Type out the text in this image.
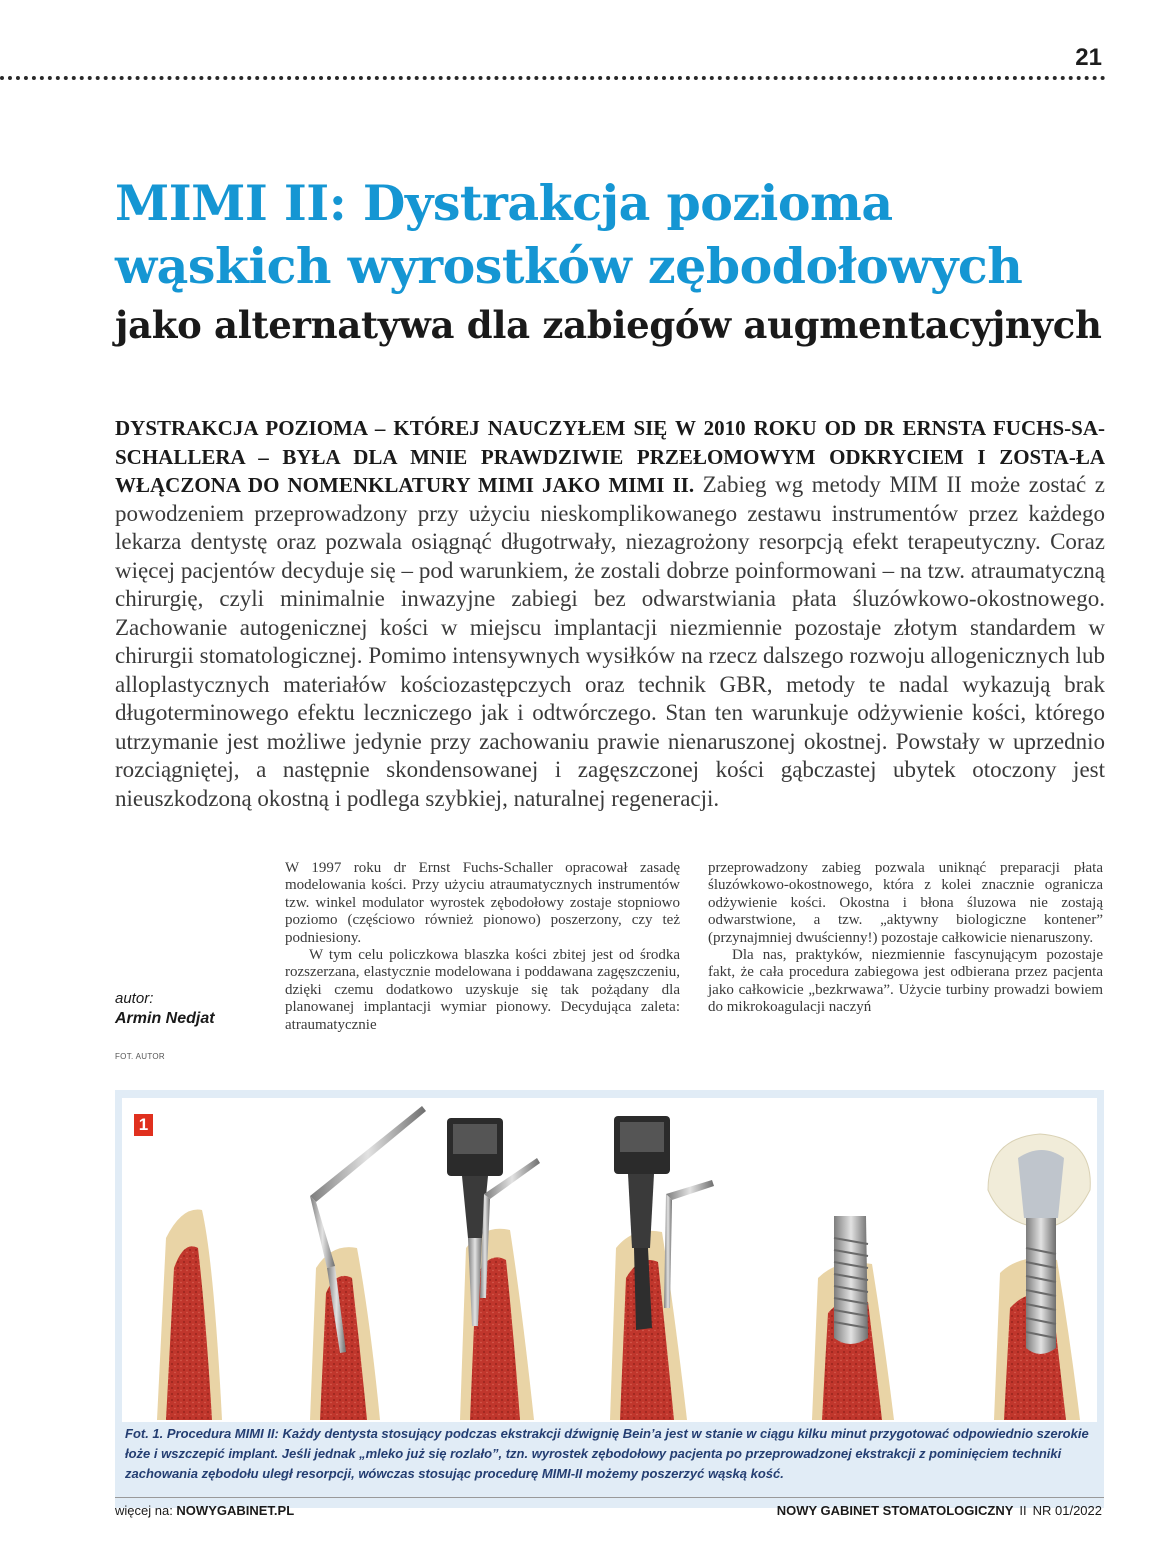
21
MIMI II: Dystrakcja pozioma wąskich wyrostków zębodołowych
jako alternatywa dla zabiegów augmentacyjnych

DYSTRAKCJA POZIOMA – KTÓREJ NAUCZYŁEM SIĘ W 2010 ROKU OD DR ERNSTA FUCHS-SA-SCHALLERA – BYŁA DLA MNIE PRAWDZIWIE PRZEŁOMOWYM ODKRYCIEM I ZOSTA-ŁA WŁĄCZONA DO NOMENKLATURY MIMI JAKO MIMI II. Zabieg wg metody MIM II może zostać z powodzeniem przeprowadzony przy użyciu nieskomplikowanego zestawu instrumentów przez każdego lekarza dentystę oraz pozwala osiągnąć długotrwały, niezagrożony resorpcją efekt terapeutyczny. Coraz więcej pacjentów decyduje się – pod warunkiem, że zostali dobrze poinformowani – na tzw. atraumatyczną chirurgię, czyli minimalnie inwazyjne zabiegi bez odwarstwiania płata śluzówkowo-okostnowego. Zachowanie autogenicznej kości w miejscu implantacji niezmiennie pozostaje złotym standardem w chirurgii stomatologicznej. Pomimo intensywnych wysiłków na rzecz dalszego rozwoju allogenicznych lub alloplastycznych materiałów kościozastępczych oraz technik GBR, metody te nadal wykazują brak długoterminowego efektu leczniczego jak i odtwórczego. Stan ten warunkuje odżywienie kości, którego utrzymanie jest możliwe jedynie przy zachowaniu prawie nienaruszonej okostnej. Powstały w uprzednio rozciągniętej, a następnie skondensowanej i zagęszczonej kości gąbczastej ubytek otoczony jest nieuszkodzoną okostną i podlega szybkiej, naturalnej regeneracji.

autor:
Armin Nedjat
FOT. AUTOR

W 1997 roku dr Ernst Fuchs-Schaller opracował zasadę modelowania kości. Przy użyciu atraumatycznych instrumentów tzw. winkel modulator wyrostek zębodołowy zostaje stopniowo poziomo (częściowo również pionowo) poszerzony, czy też podniesiony.

W tym celu policzkowa blaszka kości zbitej jest od środka rozszerzana, elastycznie modelowana i poddawana zagęszczeniu, dzięki czemu dodatkowo uzyskuje się tak pożądany dla planowanej implantacji wymiar pionowy. Decydująca zaleta: atraumatycznie

przeprowadzony zabieg pozwala uniknąć preparacji płata śluzówkowo-okostnowego, która z kolei znacznie ogranicza odżywienie kości. Okostna i błona śluzowa nie zostają odwarstwione, a tzw. „aktywny biologiczne kontener” (przynajmniej dwuścienny!) pozostaje całkowicie nienaruszony.

Dla nas, praktyków, niezmiennie fascynującym pozostaje fakt, że cała procedura zabiegowa jest odbierana przez pacjenta jako całkowicie „bezkrwawa”. Użycie turbiny prowadzi bowiem do mikrokoagulacji naczyń

1

Fot. 1. Procedura MIMI II: Każdy dentysta stosujący podczas ekstrakcji dźwignię Bein’a jest w stanie w ciągu kilku minut przygotować odpowiednio szerokie łoże i wszczepić implant. Jeśli jednak „mleko już się rozlało”, tzn. wyrostek zębodołowy pacjenta po przeprowadzonej ekstrakcji z pominięciem techniki zachowania zębodołu uległ resorpcji, wówczas stosując procedurę MIMI-II możemy poszerzyć wąską kość.

więcej na: NOWYGABINET.PL	NOWY GABINET STOMATOLOGICZNY II NR 01/2022
